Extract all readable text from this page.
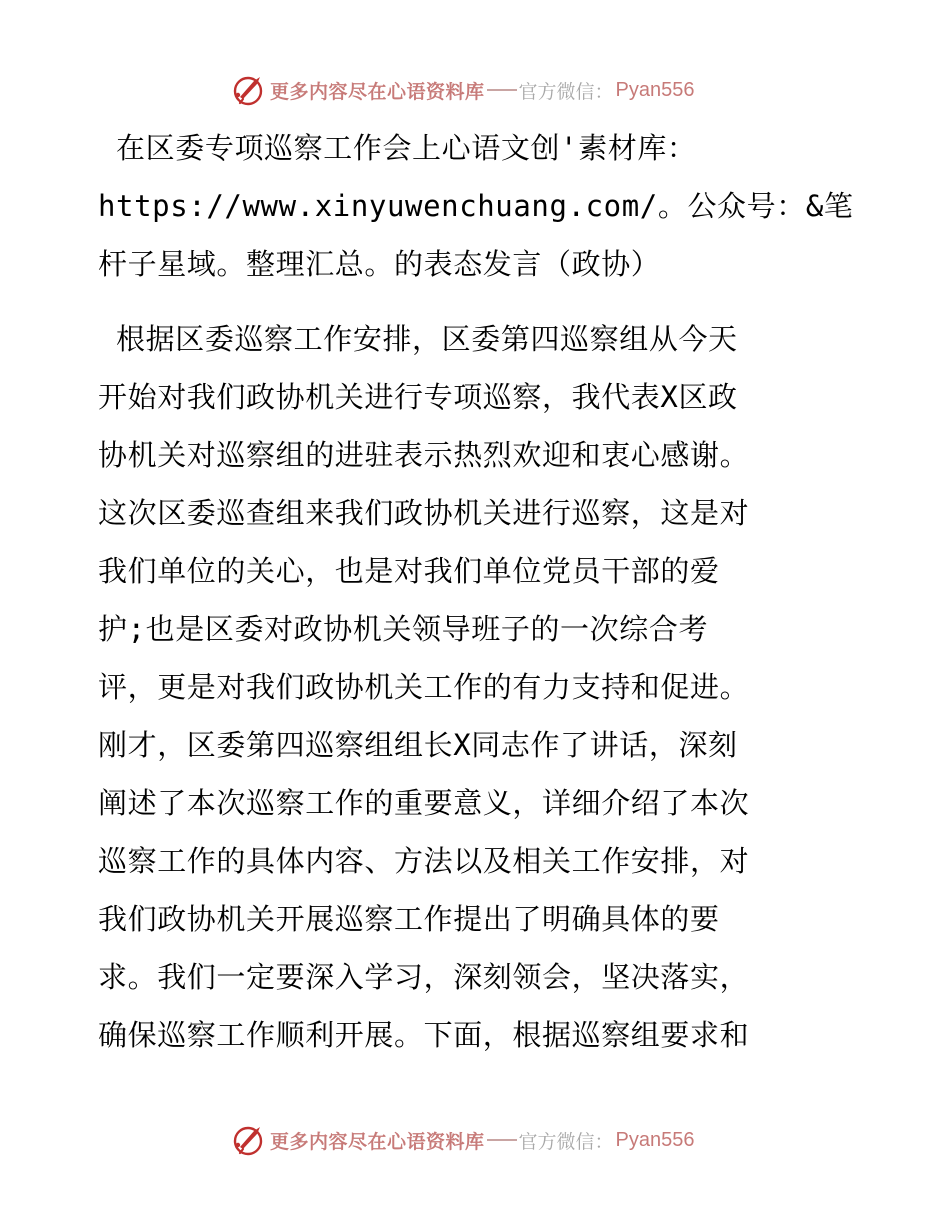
更多内容尽在心语资料库 官方微信： Pyan556
在区委专项巡察工作会上心语文创'素材库：
https://www.xinyuwenchuang.com/。公众号：&笔
杆子星域。整理汇总。的表态发言（政协）
根据区委巡察工作安排，区委第四巡察组从今天
开始对我们政协机关进行专项巡察，我代表X区政
协机关对巡察组的进驻表示热烈欢迎和衷心感谢。
这次区委巡查组来我们政协机关进行巡察，这是对
我们单位的关心，也是对我们单位党员干部的爱
护;也是区委对政协机关领导班子的一次综合考
评，更是对我们政协机关工作的有力支持和促进。
刚才，区委第四巡察组组长X同志作了讲话，深刻
阐述了本次巡察工作的重要意义，详细介绍了本次
巡察工作的具体内容、方法以及相关工作安排，对
我们政协机关开展巡察工作提出了明确具体的要
求。我们一定要深入学习，深刻领会，坚决落实，
确保巡察工作顺利开展。下面，根据巡察组要求和
更多内容尽在心语资料库 官方微信： Pyan556
